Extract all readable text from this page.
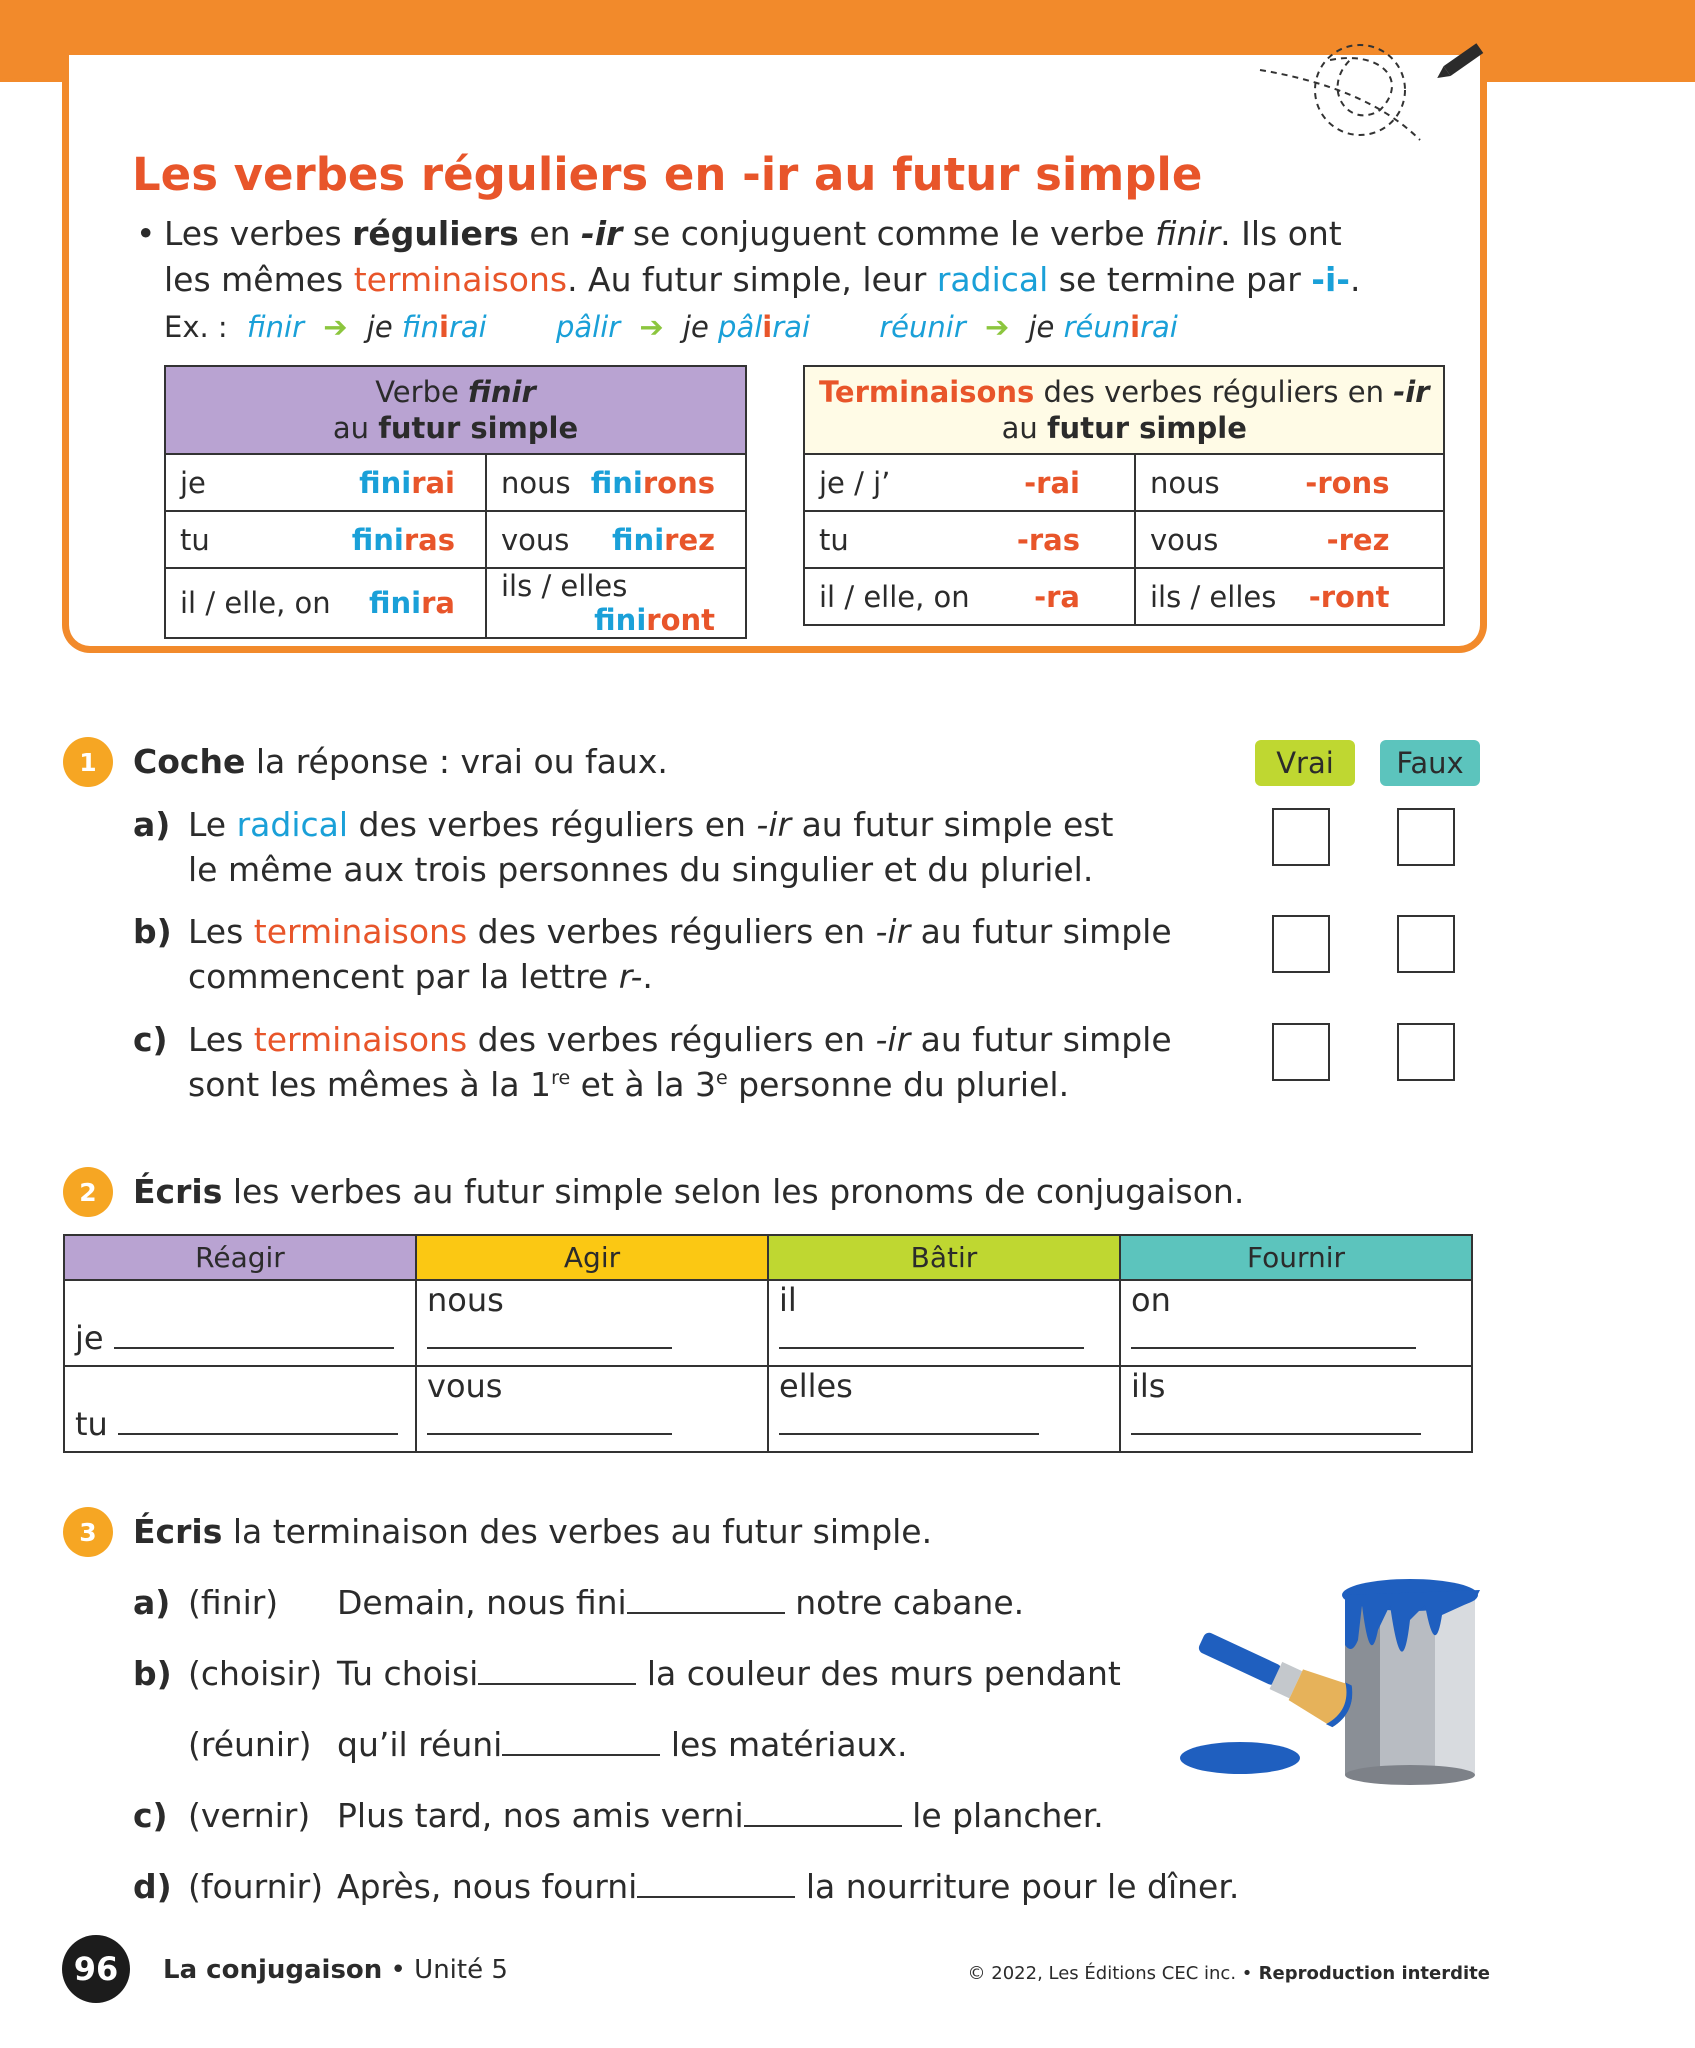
Les verbes réguliers en -ir au futur simple
• Les verbes réguliers en -ir se conjuguent comme le verbe finir. Ils ont
les mêmes terminaisons. Au futur simple, leur radical se termine par -i-.
Ex. : finir ➔ je finirai pâlir ➔ je pâlirai réunir ➔ je réunirai
Verbe finir
au futur simple	
je finirai	nous finirons

tu finiras	vous finirez

il / elle, on finira	ils / elles
finiront
Terminaisons des verbes réguliers en -ir
au futur simple	
je / j’ -rai	nous -rons

tu -ras	vous -rez

il / elle, on -ra	ils / elles -ront
1	Coche la réponse : vrai ou faux.	Vrai	Faux
a) Le radical des verbes réguliers en -ir au futur simple est
le même aux trois personnes du singulier et du pluriel.
b) Les terminaisons des verbes réguliers en -ir au futur simple
commencent par la lettre r-.
c) Les terminaisons des verbes réguliers en -ir au futur simple
sont les mêmes à la 1re et à la 3e personne du pluriel.
2	Écris les verbes au futur simple selon les pronoms de conjugaison.
Réagir	Agir	Bâtir	Fournir
je	nous	il	on
tu	vous	elles	ils
3	Écris la terminaison des verbes au futur simple.
a) (finir) Demain, nous fini	notre cabane.
b) (choisir) Tu choisi	la couleur des murs pendant
(réunir) qu’il réuni	les matériaux.
c) (vernir) Plus tard, nos amis verni	le plancher.
d) (fournir) Après, nous fourni	la nourriture pour le dîner.
96	La conjugaison • Unité 5	© 2022, Les Éditions CEC inc. • Reproduction interdite
